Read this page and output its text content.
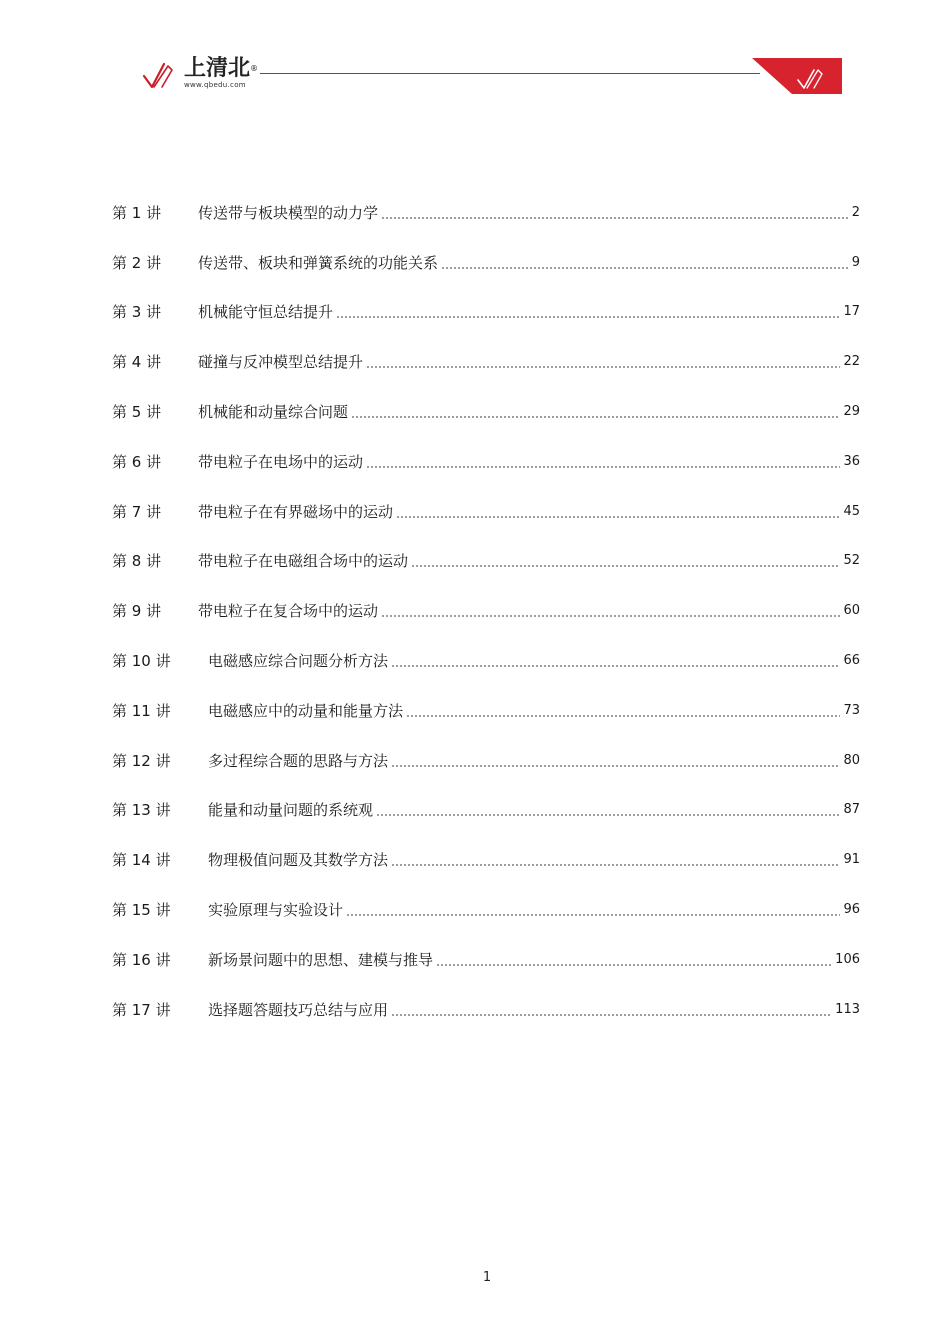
上清北®
www.qbedu.com
第 1 讲	传送带与板块模型的动力学	2
第 2 讲	传送带、板块和弹簧系统的功能关系	9
第 3 讲	机械能守恒总结提升	17
第 4 讲	碰撞与反冲模型总结提升	22
第 5 讲	机械能和动量综合问题	29
第 6 讲	带电粒子在电场中的运动	36
第 7 讲	带电粒子在有界磁场中的运动	45
第 8 讲	带电粒子在电磁组合场中的运动	52
第 9 讲	带电粒子在复合场中的运动	60
第 10 讲	电磁感应综合问题分析方法	66
第 11 讲	电磁感应中的动量和能量方法	73
第 12 讲	多过程综合题的思路与方法	80
第 13 讲	能量和动量问题的系统观	87
第 14 讲	物理极值问题及其数学方法	91
第 15 讲	实验原理与实验设计	96
第 16 讲	新场景问题中的思想、建模与推导	106
第 17 讲	选择题答题技巧总结与应用	113
1
